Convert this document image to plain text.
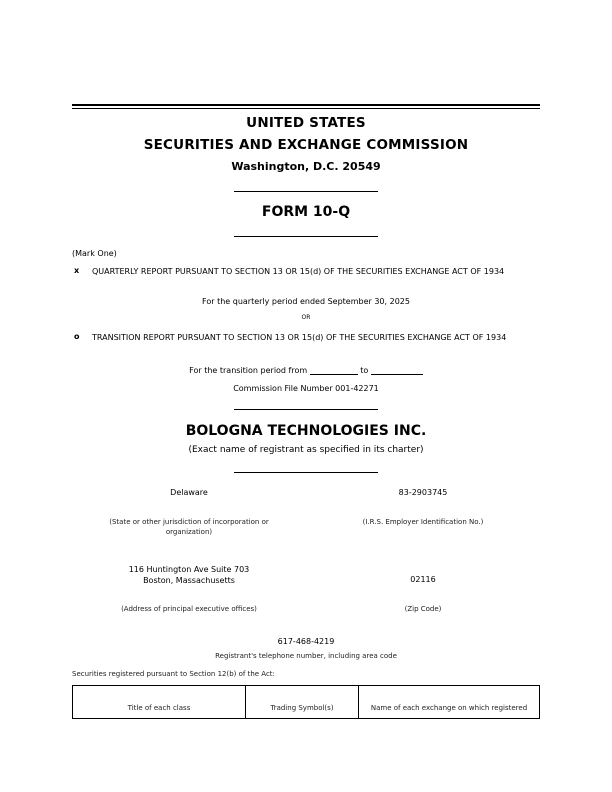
UNITED STATES
SECURITIES AND EXCHANGE COMMISSION
Washington, D.C. 20549
FORM 10-Q
(Mark One)
x QUARTERLY REPORT PURSUANT TO SECTION 13 OR 15(d) OF THE SECURITIES EXCHANGE ACT OF 1934
For the quarterly period ended September 30, 2025
OR
o TRANSITION REPORT PURSUANT TO SECTION 13 OR 15(d) OF THE SECURITIES EXCHANGE ACT OF 1934
For the transition period from	to
Commission File Number 001-42271
BOLOGNA TECHNOLOGIES INC.
(Exact name of registrant as specified in its charter)
Delaware	83-2903745
(State or other jurisdiction of incorporation or organization)
(I.R.S. Employer Identification No.)
116 Huntington Ave Suite 703
Boston, Massachusetts	02116
(Address of principal executive offices)	(Zip Code)
617-468-4219
Registrant's telephone number, including area code
Securities registered pursuant to Section 12(b) of the Act:
Title of each class	Trading Symbol(s)	Name of each exchange on which registered
